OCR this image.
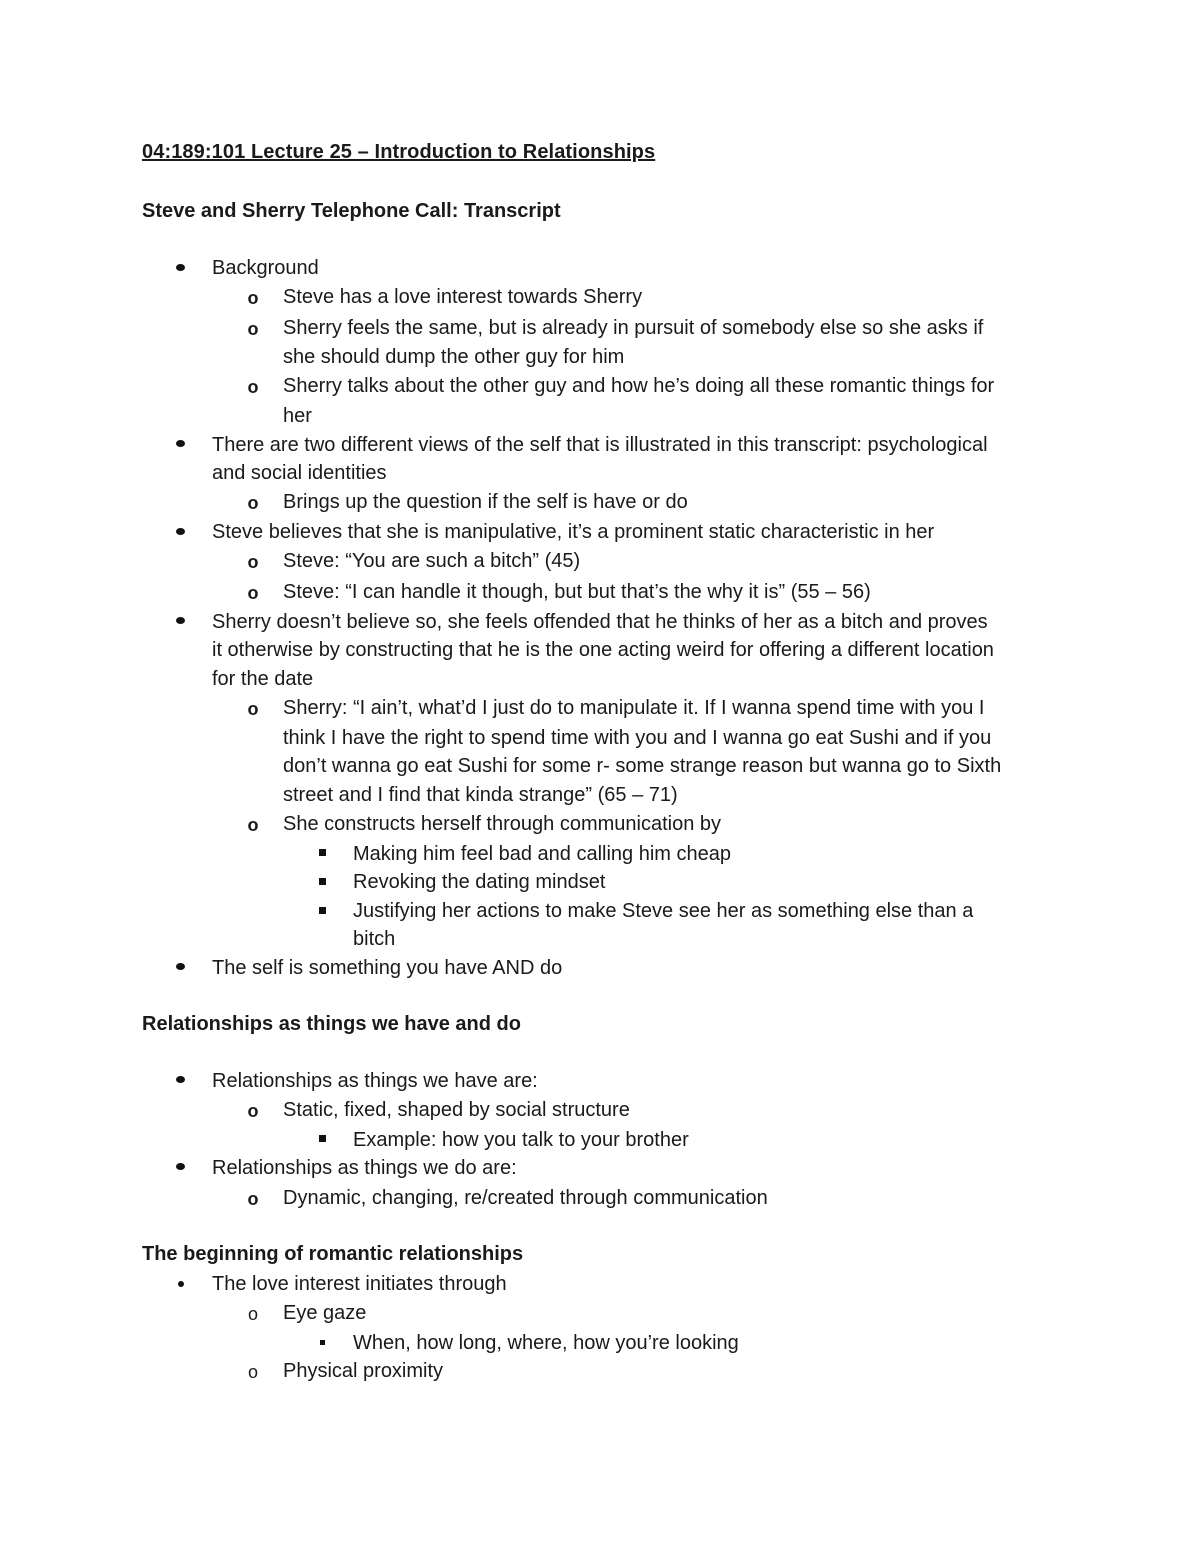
04:189:101 Lecture 25 – Introduction to Relationships
Steve and Sherry Telephone Call: Transcript
Background
o Steve has a love interest towards Sherry
o Sherry feels the same, but is already in pursuit of somebody else so she asks if
she should dump the other guy for him
o Sherry talks about the other guy and how he’s doing all these romantic things for
her
There are two different views of the self that is illustrated in this transcript: psychological
and social identities
o Brings up the question if the self is have or do
Steve believes that she is manipulative, it’s a prominent static characteristic in her
o Steve: “You are such a bitch” (45)
o Steve: “I can handle it though, but but that’s the why it is” (55 – 56)
Sherry doesn’t believe so, she feels offended that he thinks of her as a bitch and proves
it otherwise by constructing that he is the one acting weird for offering a different location
for the date
o Sherry: “I ain’t, what’d I just do to manipulate it. If I wanna spend time with you I
think I have the right to spend time with you and I wanna go eat Sushi and if you
don’t wanna go eat Sushi for some r- some strange reason but wanna go to Sixth
street and I find that kinda strange” (65 – 71)
o She constructs herself through communication by
Making him feel bad and calling him cheap
Revoking the dating mindset
Justifying her actions to make Steve see her as something else than a
bitch
The self is something you have AND do
Relationships as things we have and do
Relationships as things we have are:
o Static, fixed, shaped by social structure
Example: how you talk to your brother
Relationships as things we do are:
o Dynamic, changing, re/created through communication
The beginning of romantic relationships
The love interest initiates through
o Eye gaze
When, how long, where, how you’re looking
o Physical proximity
